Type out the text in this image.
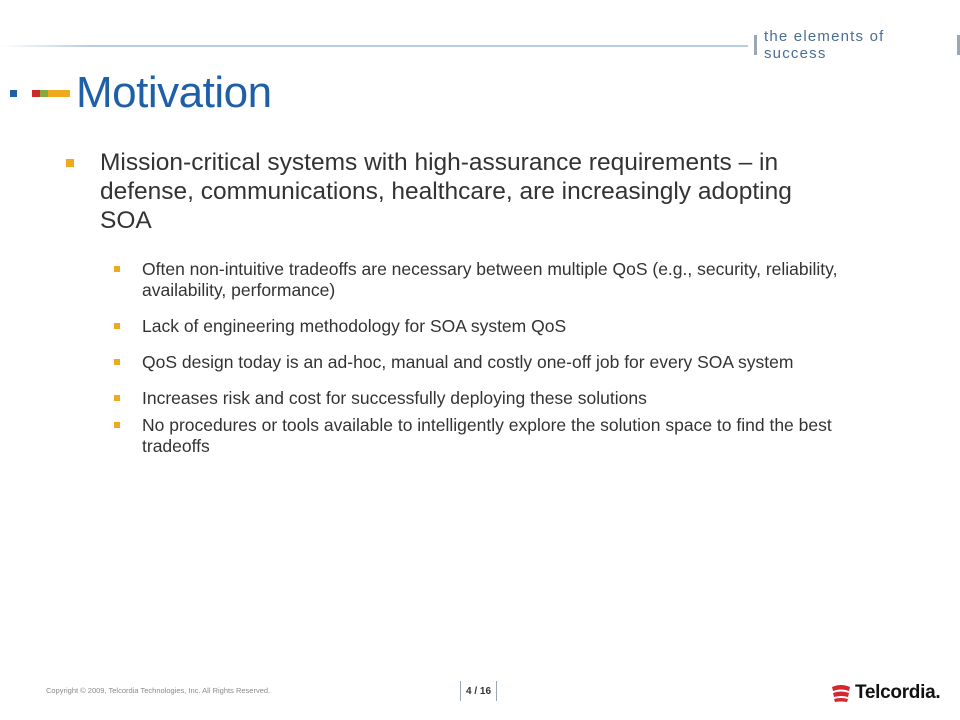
the elements of success
Motivation
Mission-critical systems with high-assurance requirements – in defense, communications, healthcare, are increasingly adopting SOA
Often non-intuitive tradeoffs are necessary between multiple QoS (e.g., security, reliability, availability, performance)
Lack of engineering methodology for SOA system QoS
QoS design today is an ad-hoc, manual and costly one-off job for every SOA system
Increases risk and cost for successfully deploying these solutions
No procedures or tools available to intelligently explore the solution space to find the best tradeoffs
Copyright © 2009, Telcordia Technologies, Inc. All Rights Reserved.	4 / 16	Telcordia.
